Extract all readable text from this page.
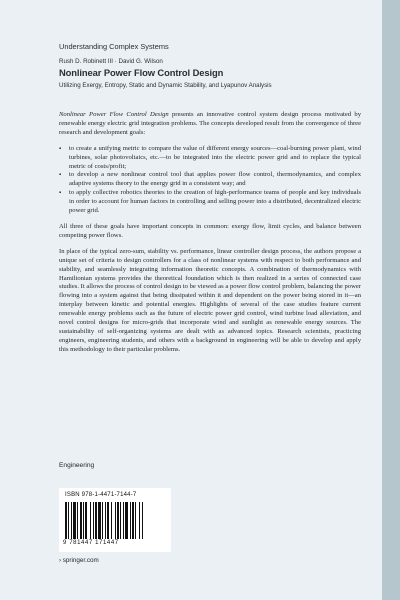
Understanding Complex Systems
Rush D. Robinett III · David G. Wilson
Nonlinear Power Flow Control Design
Utilizing Exergy, Entropy, Static and Dynamic Stability, and Lyapunov Analysis

Nonlinear Power Flow Control Design presents an innovative control system design process motivated by renewable energy electric grid integration problems. The concepts developed result from the convergence of three research and development goals:

▪ to create a unifying metric to compare the value of different energy sources—coal-burning power plant, wind turbines, solar photovoltaics, etc.—to be integrated into the electric power grid and to replace the typical metric of costs/profit;
▪ to develop a new nonlinear control tool that applies power flow control, thermodynamics, and complex adaptive systems theory to the energy grid in a consistent way; and
▪ to apply collective robotics theories to the creation of high-performance teams of people and key individuals in order to account for human factors in controlling and selling power into a distributed, decentralized electric power grid.

All three of these goals have important concepts in common: exergy flow, limit cycles, and balance between competing power flows.

In place of the typical zero-sum, stability vs. performance, linear controller design process, the authors propose a unique set of criteria to design controllers for a class of nonlinear systems with respect to both performance and stability, and seamlessly integrating information theoretic concepts. A combination of thermodynamics with Hamiltonian systems provides the theoretical foundation which is then realized in a series of connected case studies. It allows the process of control design to be viewed as a power flow control problem, balancing the power flowing into a system against that being dissipated within it and dependent on the power being stored in it—an interplay between kinetic and potential energies. Highlights of several of the case studies feature current renewable energy problems such as the future of electric power grid control, wind turbine load alleviation, and novel control designs for micro-grids that incorporate wind and sunlight as renewable energy sources. The sustainability of self-organizing systems are dealt with as advanced topics. Research scientists, practicing engineers, engineering students, and others with a background in engineering will be able to develop and apply this methodology to their particular problems.

Engineering
ISBN 978-1-4471-7144-7
9 781447 171447
› springer.com
